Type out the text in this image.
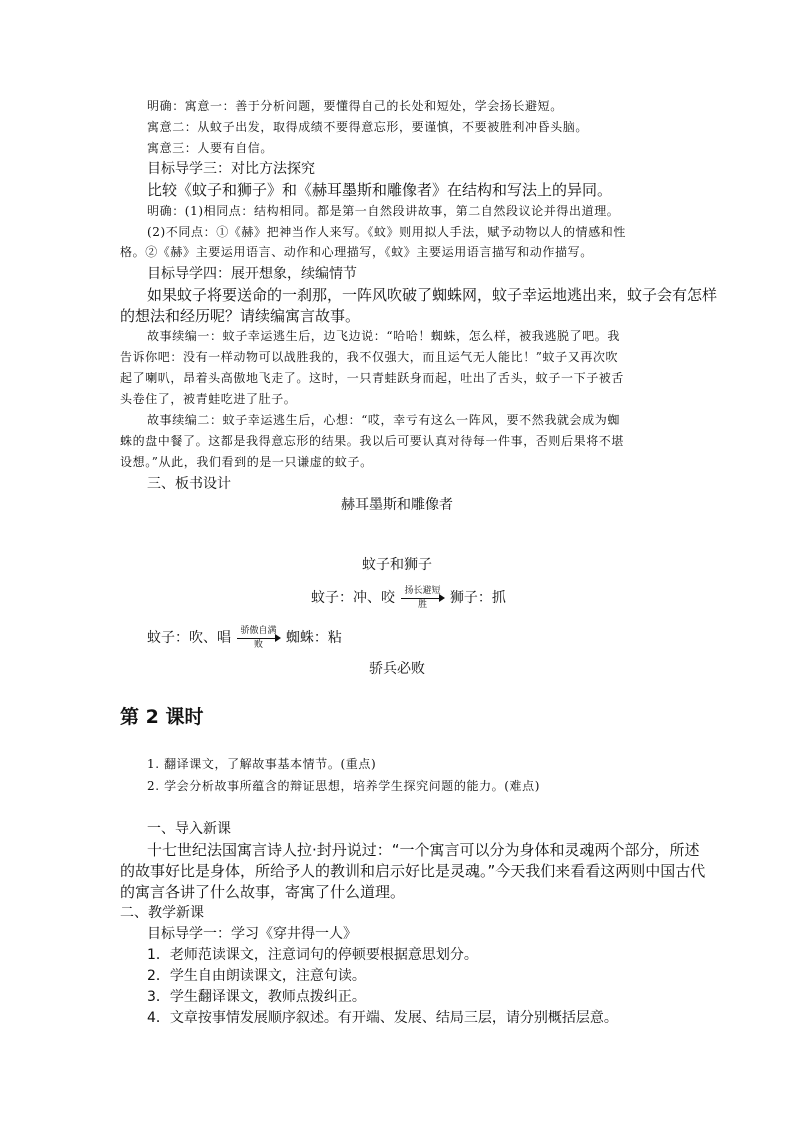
明确：寓意一：善于分析问题，要懂得自己的长处和短处，学会扬长避短。
寓意二：从蚊子出发，取得成绩不要得意忘形，要谨慎，不要被胜利冲昏头脑。
寓意三：人要有自信。
目标导学三：对比方法探究
比较《蚊子和狮子》和《赫耳墨斯和雕像者》在结构和写法上的异同。
明确：(1)相同点：结构相同。都是第一自然段讲故事，第二自然段议论并得出道理。
(2)不同点：①《赫》把神当作人来写。《蚊》则用拟人手法，赋予动物以人的情感和性
格。②《赫》主要运用语言、动作和心理描写，《蚊》主要运用语言描写和动作描写。
目标导学四：展开想象，续编情节
如果蚊子将要送命的一刹那，一阵风吹破了蜘蛛网，蚊子幸运地逃出来，蚊子会有怎样
的想法和经历呢？请续编寓言故事。
故事续编一：蚊子幸运逃生后，边飞边说：“哈哈！蜘蛛，怎么样，被我逃脱了吧。我
告诉你吧：没有一样动物可以战胜我的，我不仅强大，而且运气无人能比！”蚊子又再次吹
起了喇叭，昂着头高傲地飞走了。这时，一只青蛙跃身而起，吐出了舌头，蚊子一下子被舌
头卷住了，被青蛙吃进了肚子。
故事续编二：蚊子幸运逃生后，心想：“哎，幸亏有这么一阵风，要不然我就会成为蜘
蛛的盘中餐了。这都是我得意忘形的结果。我以后可要认真对待每一件事，否则后果将不堪
设想。”从此，我们看到的是一只谦虚的蚊子。
三、板书设计
赫耳墨斯和雕像者
蚊子和狮子
蚊子：冲、咬	扬长避短
胜	狮子：抓
蚊子：吹、唱	骄傲自满
败	蜘蛛：粘
骄兵必败
第 2 课时
1. 翻译课文，了解故事基本情节。(重点)
2. 学会分析故事所蕴含的辩证思想，培养学生探究问题的能力。(难点)
一、导入新课
十七世纪法国寓言诗人拉·封丹说过：“一个寓言可以分为身体和灵魂两个部分，所述
的故事好比是身体，所给予人的教训和启示好比是灵魂。”今天我们来看看这两则中国古代
的寓言各讲了什么故事，寄寓了什么道理。
二、教学新课
目标导学一：学习《穿井得一人》
1．老师范读课文，注意词句的停顿要根据意思划分。
2．学生自由朗读课文，注意句读。
3．学生翻译课文，教师点拨纠正。
4．文章按事情发展顺序叙述。有开端、发展、结局三层，请分别概括层意。
